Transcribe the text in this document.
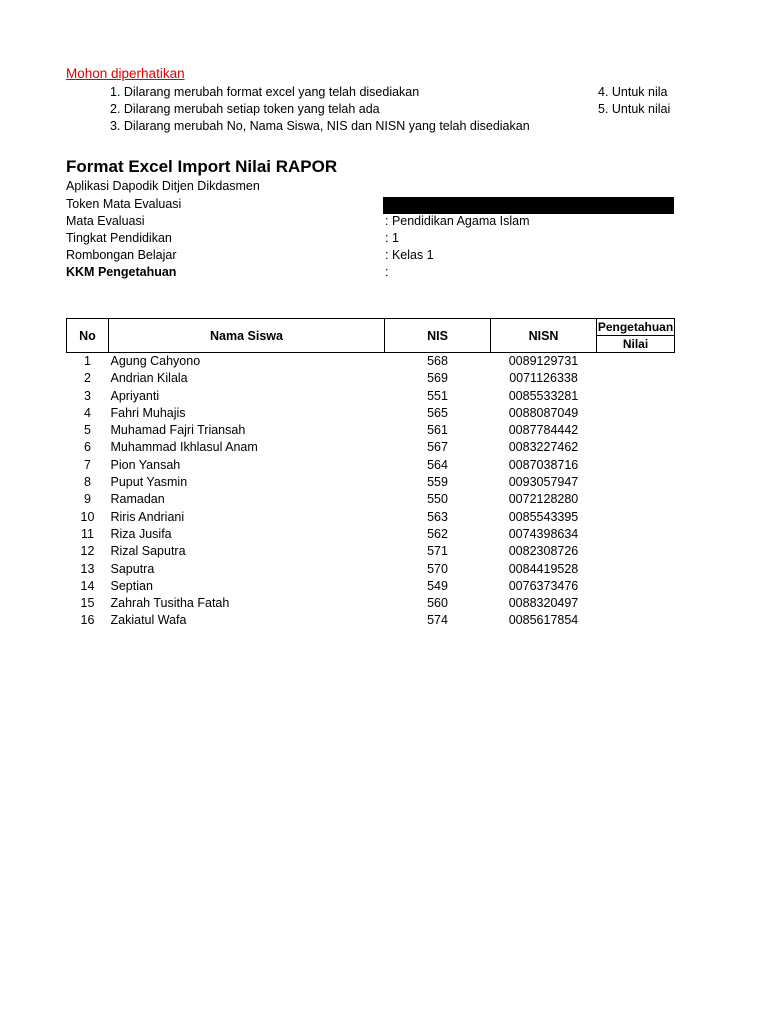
Mohon diperhatikan
1. Dilarang merubah format excel yang telah disediakan
2. Dilarang merubah setiap token yang telah ada
3. Dilarang merubah No, Nama Siswa, NIS dan NISN yang telah disediakan
4. Untuk nila
5. Untuk nilai
Format Excel Import Nilai RAPOR
Aplikasi Dapodik Ditjen Dikdasmen
Token Mata Evaluasi
Mata Evaluasi	: Pendidikan Agama Islam
Tingkat Pendidikan	: 1
Rombongan Belajar	: Kelas 1
KKM Pengetahuan	:
No	Nama Siswa	NIS	NISN	Pengetahuan
				Nilai
1	Agung Cahyono	568	0089129731	
2	Andrian Kilala	569	0071126338	
3	Apriyanti	551	0085533281	
4	Fahri Muhajis	565	0088087049	
5	Muhamad Fajri Triansah	561	0087784442	
6	Muhammad Ikhlasul Anam	567	0083227462	
7	Pion Yansah	564	0087038716	
8	Puput Yasmin	559	0093057947	
9	Ramadan	550	0072128280	
10	Riris Andriani	563	0085543395	
11	Riza Jusifa	562	0074398634	
12	Rizal Saputra	571	0082308726	
13	Saputra	570	0084419528	
14	Septian	549	0076373476	
15	Zahrah Tusitha Fatah	560	0088320497	
16	Zakiatul Wafa	574	0085617854	
